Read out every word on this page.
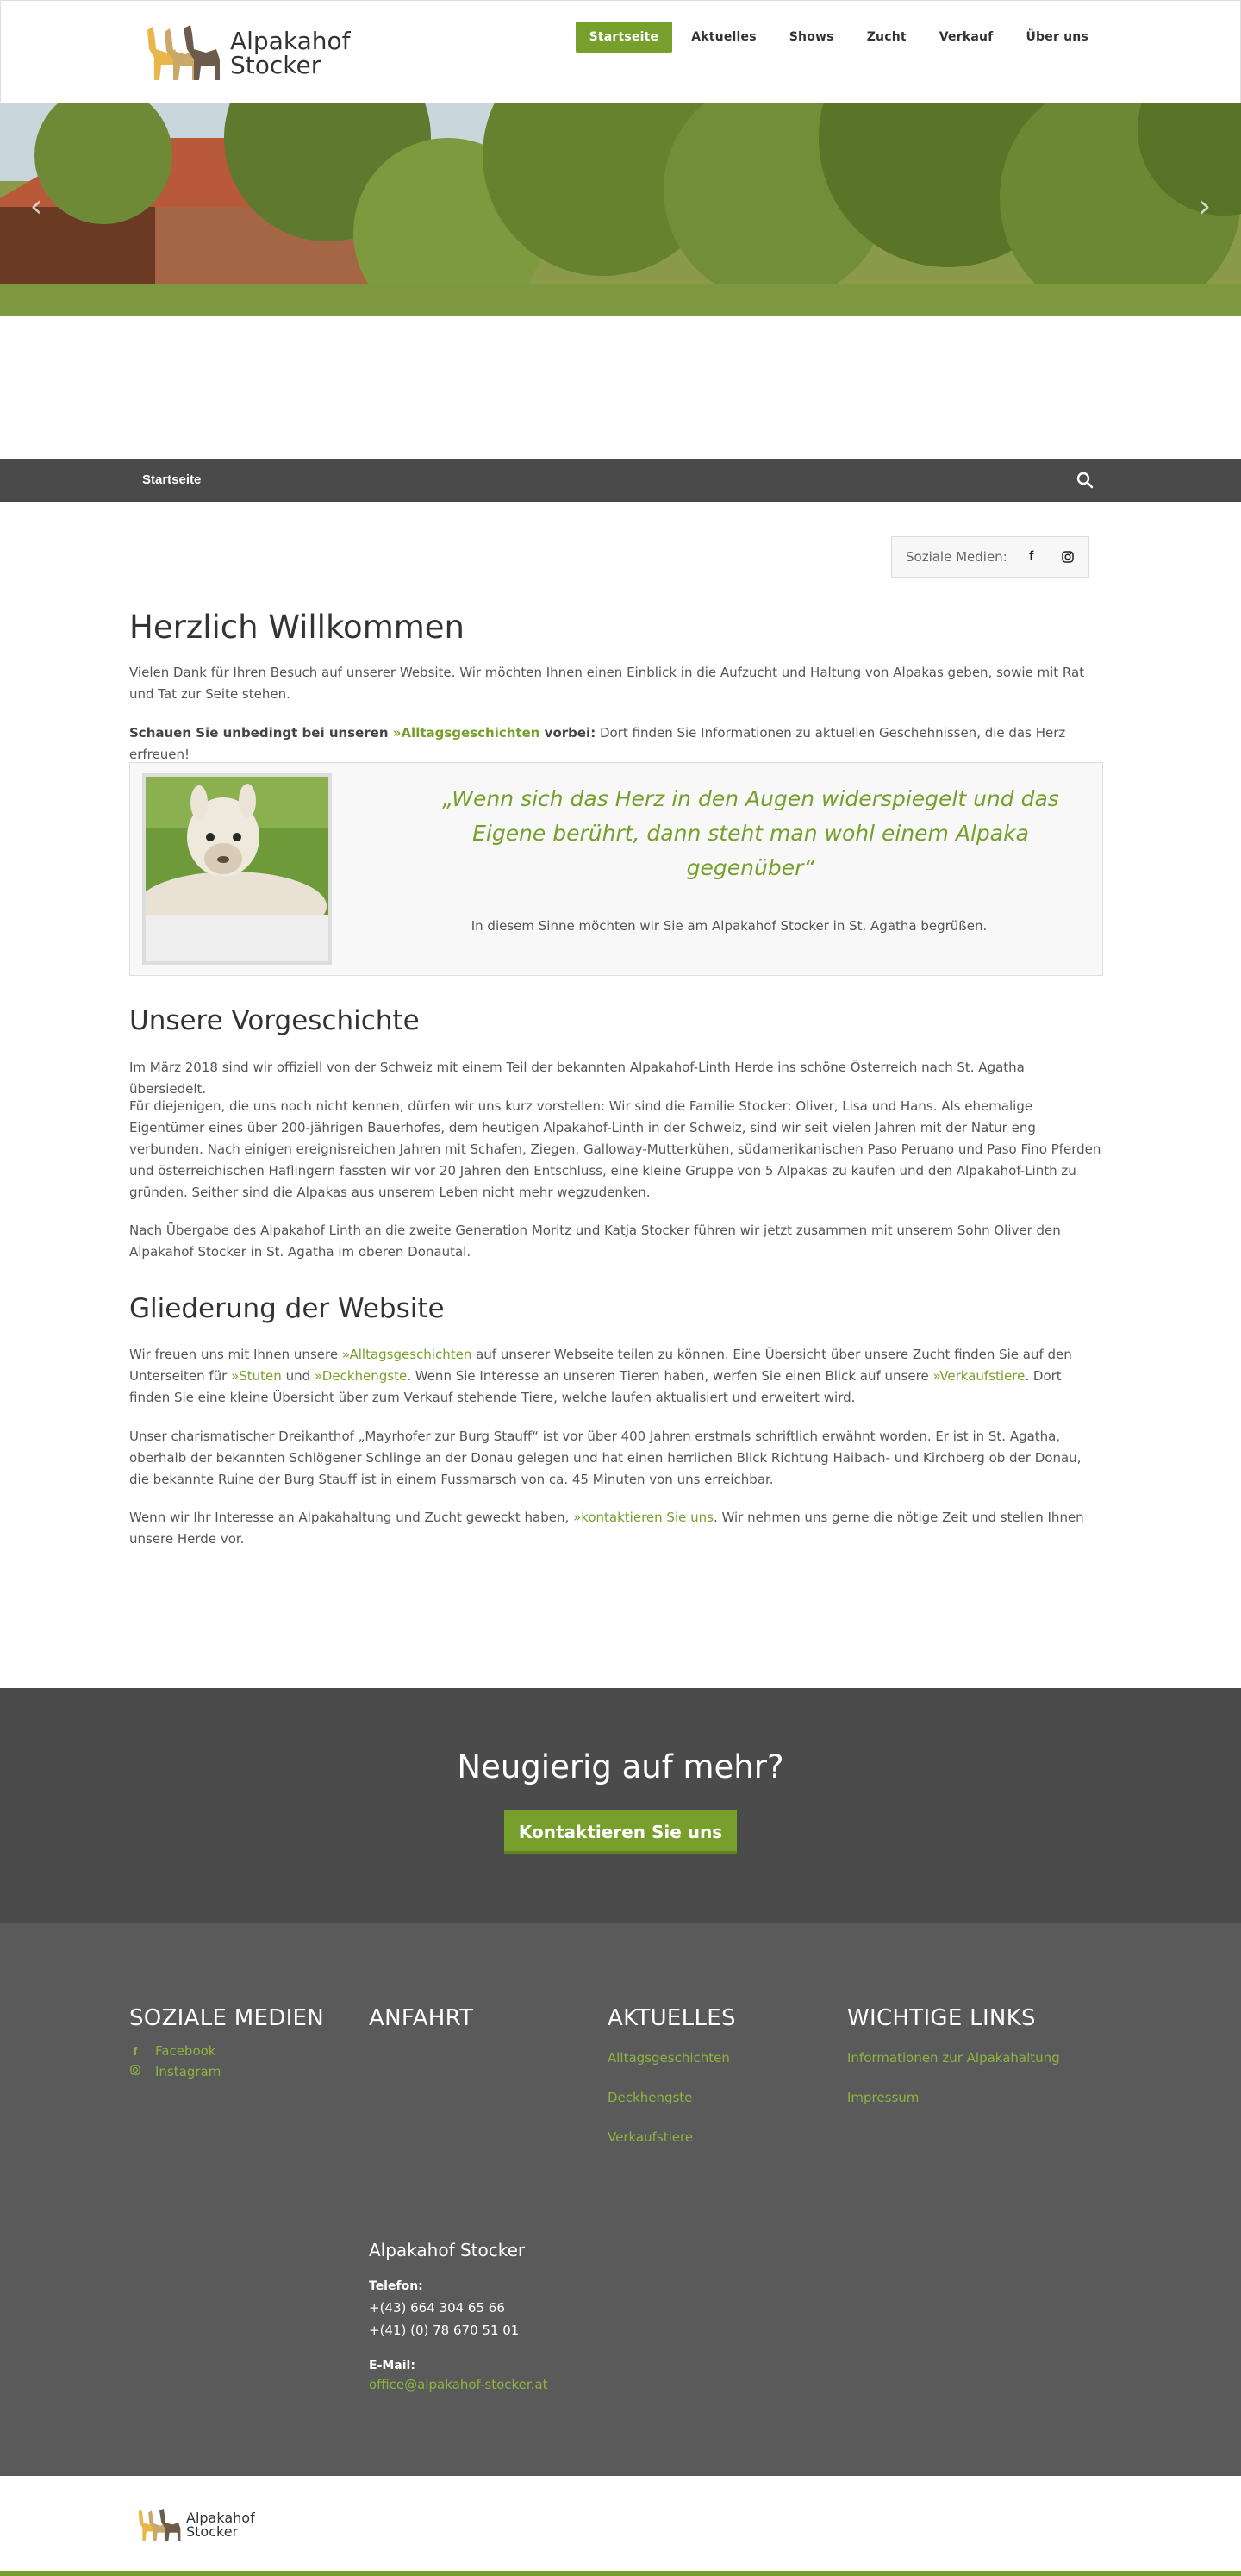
Alpakahof
Stocker
Startseite	Aktuelles	Shows	Zucht	Verkauf	Über uns
‹	›
Startseite
Soziale Medien:	f
Herzlich Willkommen

Vielen Dank für Ihren Besuch auf unserer Website. Wir möchten Ihnen einen Einblick in die Aufzucht und Haltung von Alpakas geben, sowie mit Rat und Tat zur Seite stehen.

Schauen Sie unbedingt bei unseren »Alltagsgeschichten vorbei: Dort finden Sie Informationen zu aktuellen Geschehnissen, die das Herz erfreuen!

„Wenn sich das Herz in den Augen widerspiegelt und das Eigene berührt, dann steht man wohl einem Alpaka gegenüber“
In diesem Sinne möchten wir Sie am Alpakahof Stocker in St. Agatha begrüßen.
Unsere Vorgeschichte

Im März 2018 sind wir offiziell von der Schweiz mit einem Teil der bekannten Alpakahof-Linth Herde ins schöne Österreich nach St. Agatha übersiedelt.

Für diejenigen, die uns noch nicht kennen, dürfen wir uns kurz vorstellen: Wir sind die Familie Stocker: Oliver, Lisa und Hans. Als ehemalige Eigentümer eines über 200-jährigen Bauerhofes, dem heutigen Alpakahof-Linth in der Schweiz, sind wir seit vielen Jahren mit der Natur eng verbunden. Nach einigen ereignisreichen Jahren mit Schafen, Ziegen, Galloway-Mutterkühen, südamerikanischen Paso Peruano und Paso Fino Pferden und österreichischen Haflingern fassten wir vor 20 Jahren den Entschluss, eine kleine Gruppe von 5 Alpakas zu kaufen und den Alpakahof-Linth zu gründen. Seither sind die Alpakas aus unserem Leben nicht mehr wegzudenken.

Nach Übergabe des Alpakahof Linth an die zweite Generation Moritz und Katja Stocker führen wir jetzt zusammen mit unserem Sohn Oliver den Alpakahof Stocker in St. Agatha im oberen Donautal.

Gliederung der Website

Wir freuen uns mit Ihnen unsere »Alltagsgeschichten auf unserer Webseite teilen zu können. Eine Übersicht über unsere Zucht finden Sie auf den Unterseiten für »Stuten und »Deckhengste. Wenn Sie Interesse an unseren Tieren haben, werfen Sie einen Blick auf unsere »Verkaufstiere. Dort finden Sie eine kleine Übersicht über zum Verkauf stehende Tiere, welche laufen aktualisiert und erweitert wird.

Unser charismatischer Dreikanthof „Mayrhofer zur Burg Stauff“ ist vor über 400 Jahren erstmals schriftlich erwähnt worden. Er ist in St. Agatha, oberhalb der bekannten Schlögener Schlinge an der Donau gelegen und hat einen herrlichen Blick Richtung Haibach- und Kirchberg ob der Donau, die bekannte Ruine der Burg Stauff ist in einem Fussmarsch von ca. 45 Minuten von uns erreichbar.

Wenn wir Ihr Interesse an Alpakahaltung und Zucht geweckt haben, »kontaktieren Sie uns. Wir nehmen uns gerne die nötige Zeit und stellen Ihnen unsere Herde vor.

Neugierig auf mehr?
Kontaktieren Sie uns
SOZIALE MEDIEN
f	Facebook
Instagram
ANFAHRT	AKTUELLES
Alltagsgeschichten
Deckhengste
Verkaufstiere
WICHTIGE LINKS
Informationen zur Alpakahaltung
Impressum
Alpakahof Stocker
Telefon:
+(43) 664 304 65 66
+(41) (0) 78 670 51 01
E-Mail:
office@alpakahof-stocker.at
Alpakahof
Stocker
